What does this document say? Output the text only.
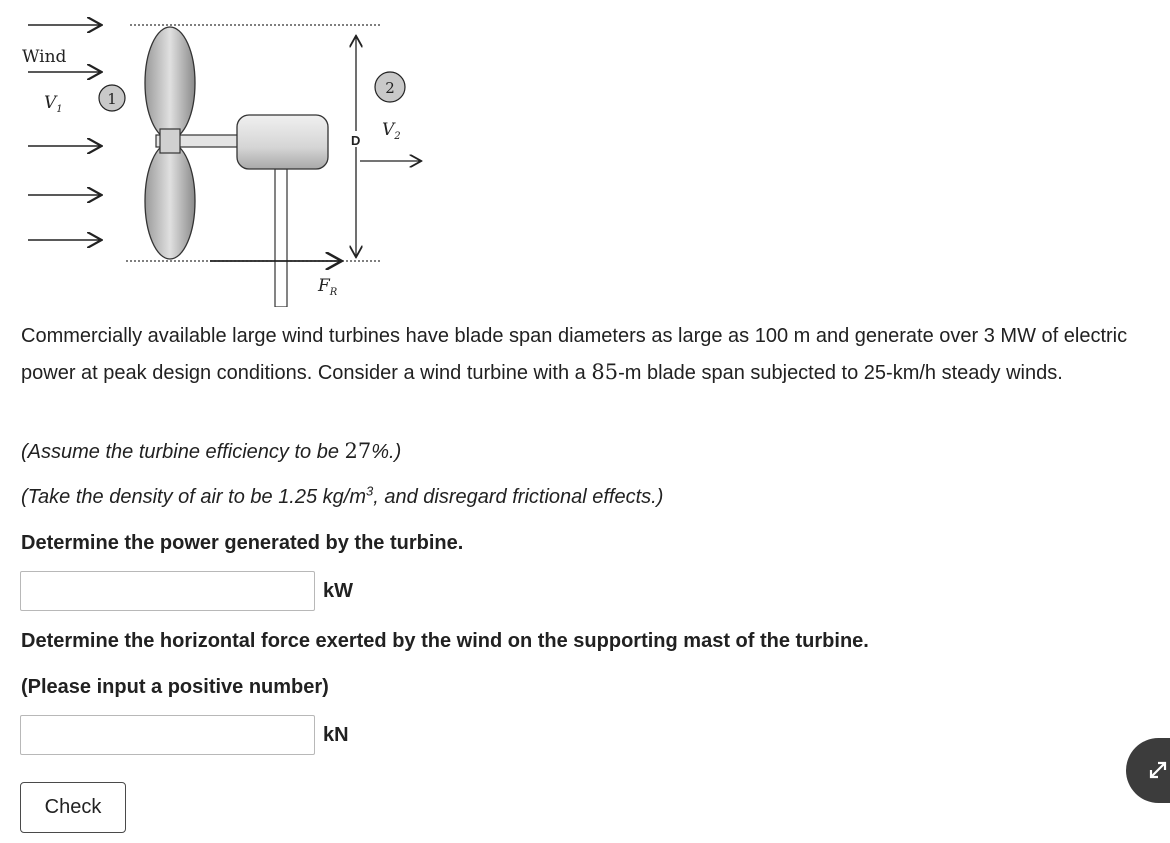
Wind
$V_1$
1
$F_R$
D
2
$V_2$
Commercially available large wind turbines have blade span diameters as large as 100 m and generate over 3 MW of electric power at peak design conditions. Consider a wind turbine with a 85-m blade span subjected to 25-km/h steady winds.
(Assume the turbine efficiency to be 27%.)
(Take the density of air to be 1.25 $kg/m^3$, and disregard frictional effects.)
Determine the power generated by the turbine.
kW
Determine the horizontal force exerted by the wind on the supporting mast of the turbine.
(Please input a positive number)
kN
Check
